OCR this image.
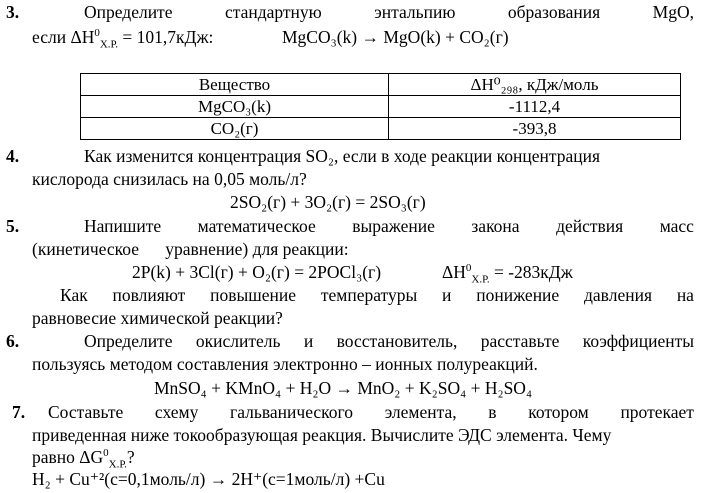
3.	Определите	стандартную	энтальпию	образования	MgO,
если $\Delta H^0_{Х.Р.} = 101,7кДж$:	MgCO₃(k) → MgO(k) + CO₂(г)
Вещество	ΔH⁰₂₉₈, кДж/моль
MgCO₃(k)	-1112,4
CO₂(г)	-393,8
4.	Как изменится концентрация SO₂, если в ходе реакции концентрация
кислорода снизилась на 0,05 моль/л?
2SO₂(г) + 3O₂(г) = 2SO₃(г)
5.	Напишите математическое выражение закона действия масс
(кинетическое      уравнение) для реакции:
2P(k) + 3Cl(г) + O₂(г) = 2POCl₃(г)	$\Delta H^0_{Х.Р.} = -283кДж$
Как повлияют повышение температуры и понижение давления на
равновесие химической реакции?
6.	Определите окислитель и восстановитель, расставьте коэффициенты
пользуясь методом составления электронно – ионных полуреакций.
MnSO₄ + KMnO₄ + H₂O → MnO₂ + K₂SO₄ + H₂SO₄
7. Составьте схему гальванического элемента, в котором протекает
приведенная ниже токообразующая реакция. Вычислите ЭДС элемента. Чему
равно $\Delta G^0_{Х.Р.}$?
H₂ + Cu⁺²(c=0,1моль/л) → 2H⁺(c=1моль/л) +Cu
